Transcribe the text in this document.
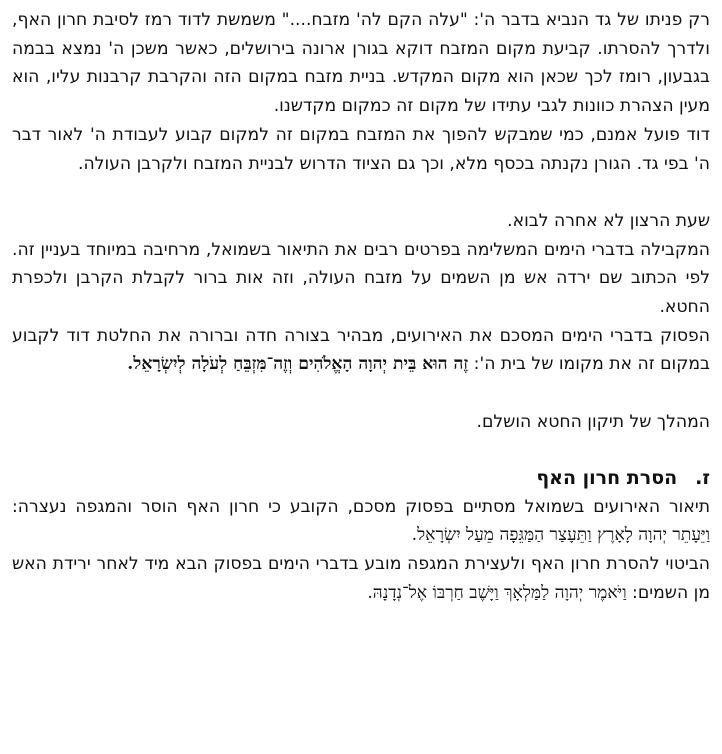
רק פניתו של גד הנביא בדבר ה': "עלה הקם לה' מזבח...." משמשת לדוד רמז לסיבת חרון האף, ולדרך להסרתו. קביעת מקום המזבח דוקא בגורן ארונה בירושלים, כאשר משכן ה' נמצא בבמה בגבעון, רומז לכך שכאן הוא מקום המקדש. בניית מזבח במקום הזה והקרבת קרבנות עליו, הוא מעין הצהרת כוונות לגבי עתידו של מקום זה כמקום מקדשנו.

דוד פועל אמנם, כמי שמבקש להפוך את המזבח במקום זה למקום קבוע לעבודת ה' לאור דבר ה' בפי גד. הגורן נקנתה בכסף מלא, וכך גם הציוד הדרוש לבניית המזבח ולקרבן העולה.

שעת הרצון לא אחרה לבוא.

המקבילה בדברי הימים המשלימה בפרטים רבים את התיאור בשמואל, מרחיבה במיוחד בעניין זה. לפי הכתוב שם ירדה אש מן השמים על מזבח העולה, וזה אות ברור לקבלת הקרבן ולכפרת החטא.

הפסוק בדברי הימים המסכם את האירועים, מבהיר בצורה חדה וברורה את החלטת דוד לקבוע במקום זה את מקומו של בית ה': זֶה הוּא בֵּית יְהוָה הָאֱלֹהִים וְזֶה־מִּזְבֵּחַ לְעֹלָה לְיִשְׂרָאֵל.

המהלך של תיקון החטא הושלם.

ז.
הסרת חרון האף

תיאור האירועים בשמואל מסתיים בפסוק מסכם, הקובע כי חרון האף הוסר והמגפה נעצרה: וַיֵּעָתֵר יְהוָה לָאָרֶץ וַתֵּעָצַר הַמַּגֵּפָה מֵעַל יִשְׂרָאֵל.

הביטוי להסרת חרון האף ולעצירת המגפה מובע בדברי הימים בפסוק הבא מיד לאחר ירידת האש מן השמים: וַיֹּאמֶר יְהוָה לַמַּלְאָךְ וַיָּשֶׁב חַרְבּוֹ אֶל־נְדָנָהּ.
